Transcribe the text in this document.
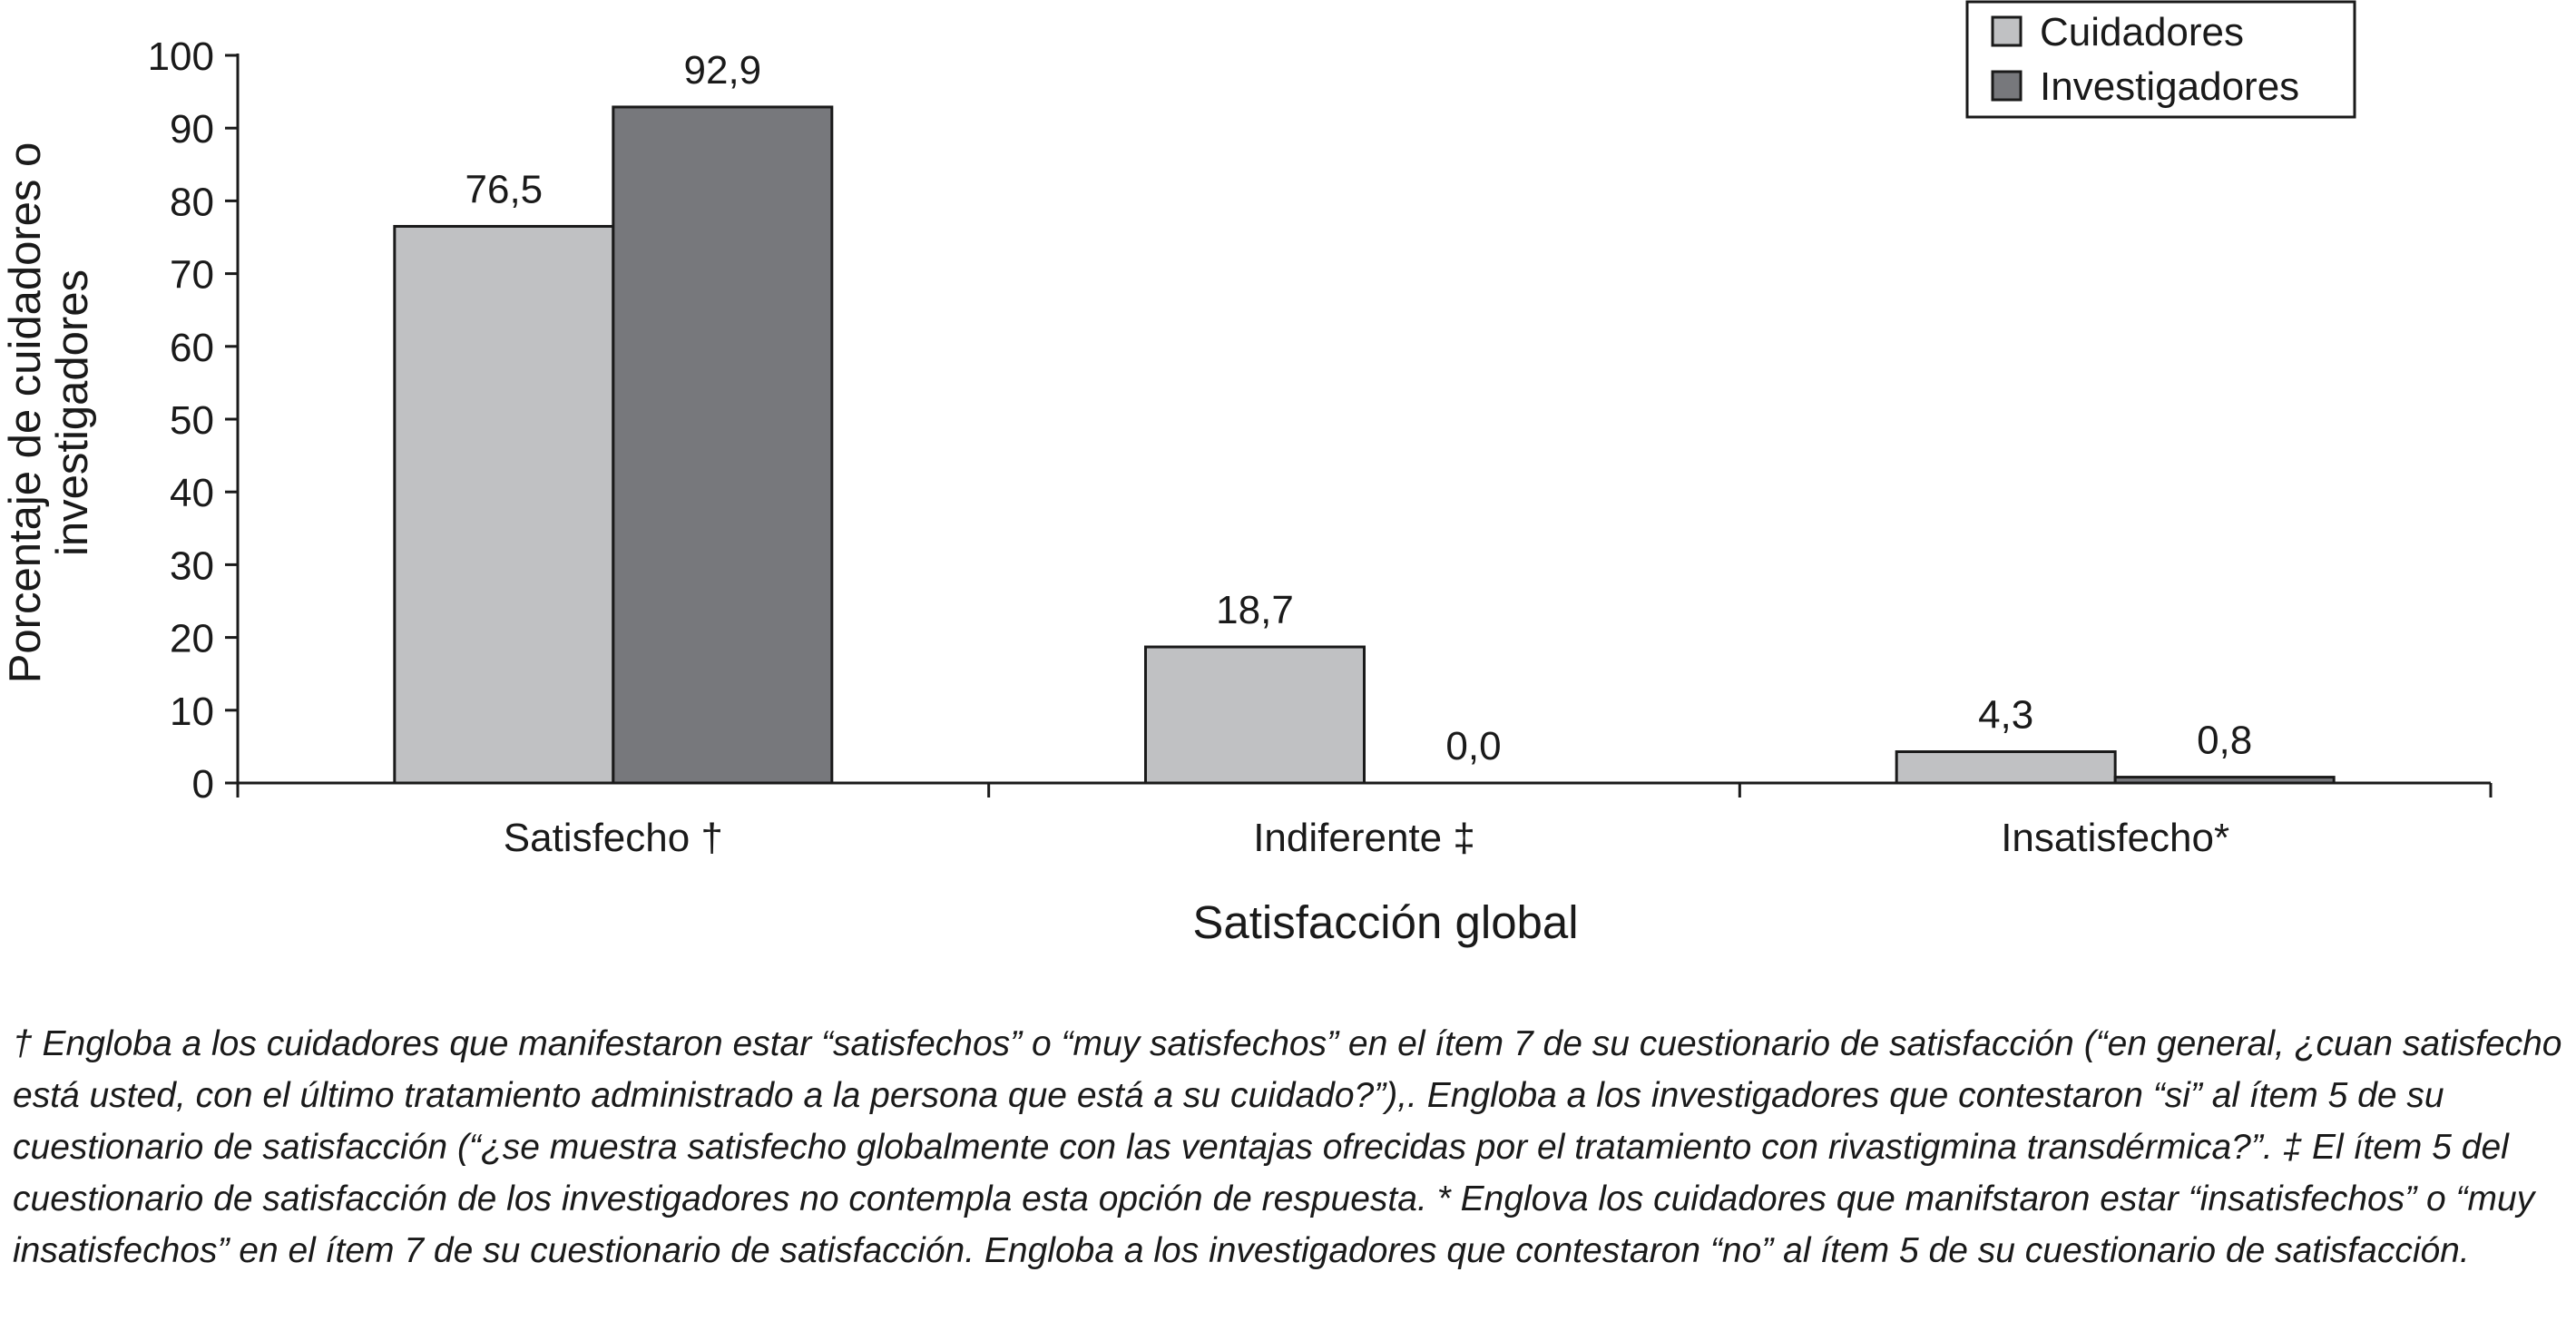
0
10
20
30
40
50
60
70
80
90
100
Satisfecho †	Indiferente ‡	Insatisfecho*
76,5
92,9
18,7
0,0
4,3
0,8
Porcentaje de cuidadores oinvestigadores
Satisfacción global
Cuidadores
Investigadores

† Engloba a los cuidadores que manifestaron estar “satisfechos” o “muy satisfechos” en el ítem 7 de su cuestionario de satisfacción (“en general, ¿cuan satisfecho está usted, con el último tratamiento administrado a la persona que está a su cuidado?”),. Engloba a los investigadores que contestaron “si” al ítem 5 de su cuestionario de satisfacción (“¿se muestra satisfecho globalmente con las ventajas ofrecidas por el tratamiento con rivastigmina transdérmica?”. ‡ El ítem 5 del cuestionario de satisfacción de los investigadores no contempla esta opción de respuesta. * Englova los cuidadores que manifstaron estar “insatisfechos” o “muy insatisfechos” en el ítem 7 de su cuestionario de satisfacción. Engloba a los investigadores que contestaron “no” al ítem 5 de su cuestionario de satisfacción.
